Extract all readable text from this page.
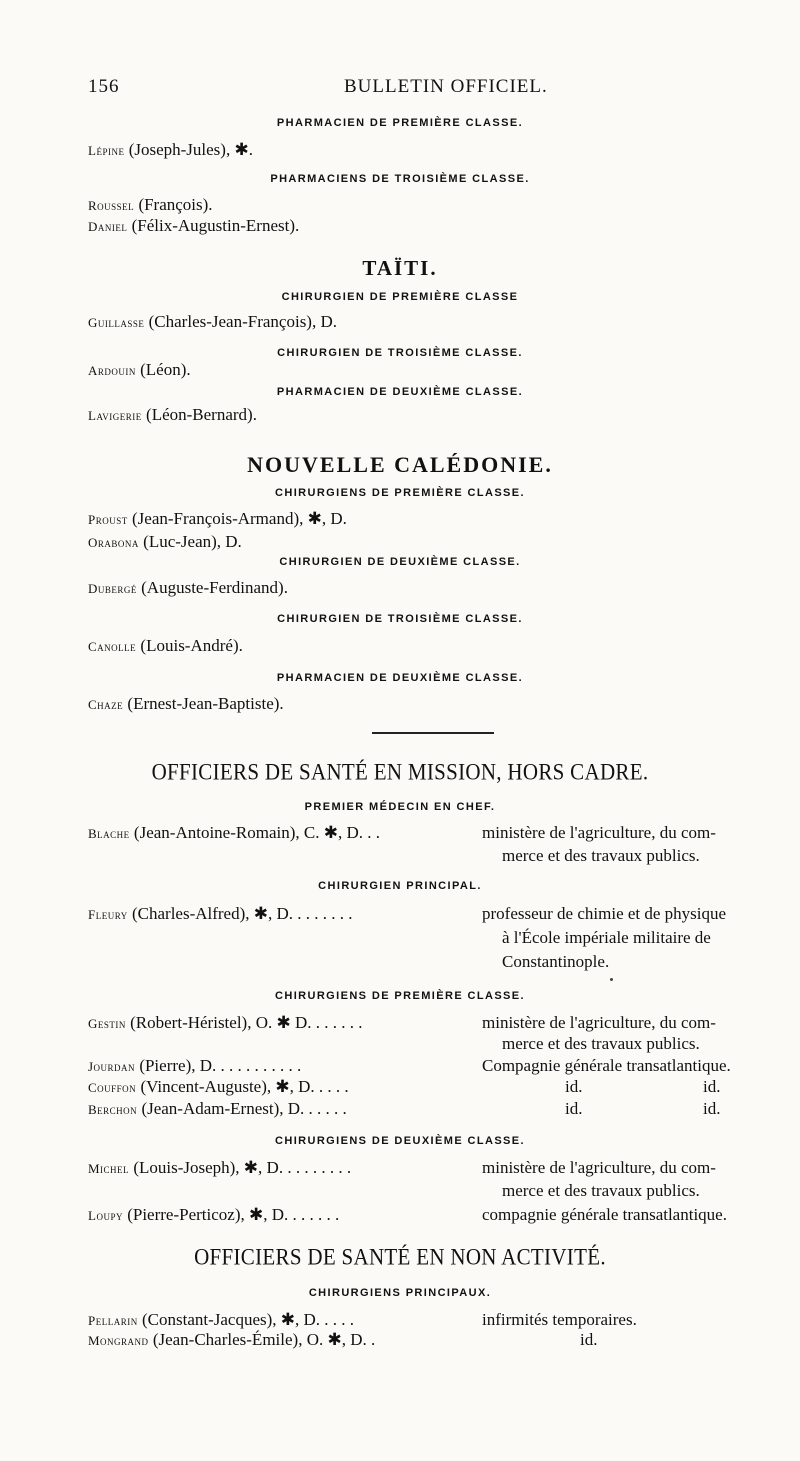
156	BULLETIN OFFICIEL.
PHARMACIEN DE PREMIÈRE CLASSE.
Lépine (Joseph-Jules), ✱.
PHARMACIENS DE TROISIÈME CLASSE.
Roussel (François).
Daniel (Félix-Augustin-Ernest).
TAÏTI.
CHIRURGIEN DE PREMIÈRE CLASSE
Guillasse (Charles-Jean-François), D.
CHIRURGIEN DE TROISIÈME CLASSE.
Ardouin (Léon).
PHARMACIEN DE DEUXIÈME CLASSE.
Lavigerie (Léon-Bernard).
NOUVELLE CALÉDONIE.
CHIRURGIENS DE PREMIÈRE CLASSE.
Proust (Jean-François-Armand), ✱, D.
Orabona (Luc-Jean), D.
CHIRURGIEN DE DEUXIÈME CLASSE.
Dubergé (Auguste-Ferdinand).
CHIRURGIEN DE TROISIÈME CLASSE.
Canolle (Louis-André).
PHARMACIEN DE DEUXIÈME CLASSE.
Chaze (Ernest-Jean-Baptiste).
OFFICIERS DE SANTÉ EN MISSION, HORS CADRE.
PREMIER MÉDECIN EN CHEF.
Blache (Jean-Antoine-Romain), C. ✱, D. . .	ministère de l'agriculture, du com-
merce et des travaux publics.
CHIRURGIEN PRINCIPAL.
Fleury (Charles-Alfred), ✱, D. . . . . . . .	professeur de chimie et de physique
à l'École impériale militaire de
Constantinople.
CHIRURGIENS DE PREMIÈRE CLASSE.
Gestin (Robert-Héristel), O. ✱ D. . . . . . .	ministère de l'agriculture, du com-
merce et des travaux publics.
Jourdan (Pierre), D. . . . . . . . . . .	Compagnie générale transatlantique.
Couffon (Vincent-Auguste), ✱, D. . . . .	id.	id.
Berchon (Jean-Adam-Ernest), D. . . . . .	id.	id.
CHIRURGIENS DE DEUXIÈME CLASSE.
Michel (Louis-Joseph), ✱, D. . . . . . . . .	ministère de l'agriculture, du com-
merce et des travaux publics.
Loupy (Pierre-Perticoz), ✱, D. . . . . . .	compagnie générale transatlantique.
OFFICIERS DE SANTÉ EN NON ACTIVITÉ.
CHIRURGIENS PRINCIPAUX.
Pellarin (Constant-Jacques), ✱, D. . . . .	infirmités temporaires.
Mongrand (Jean-Charles-Émile), O. ✱, D. .	id.
